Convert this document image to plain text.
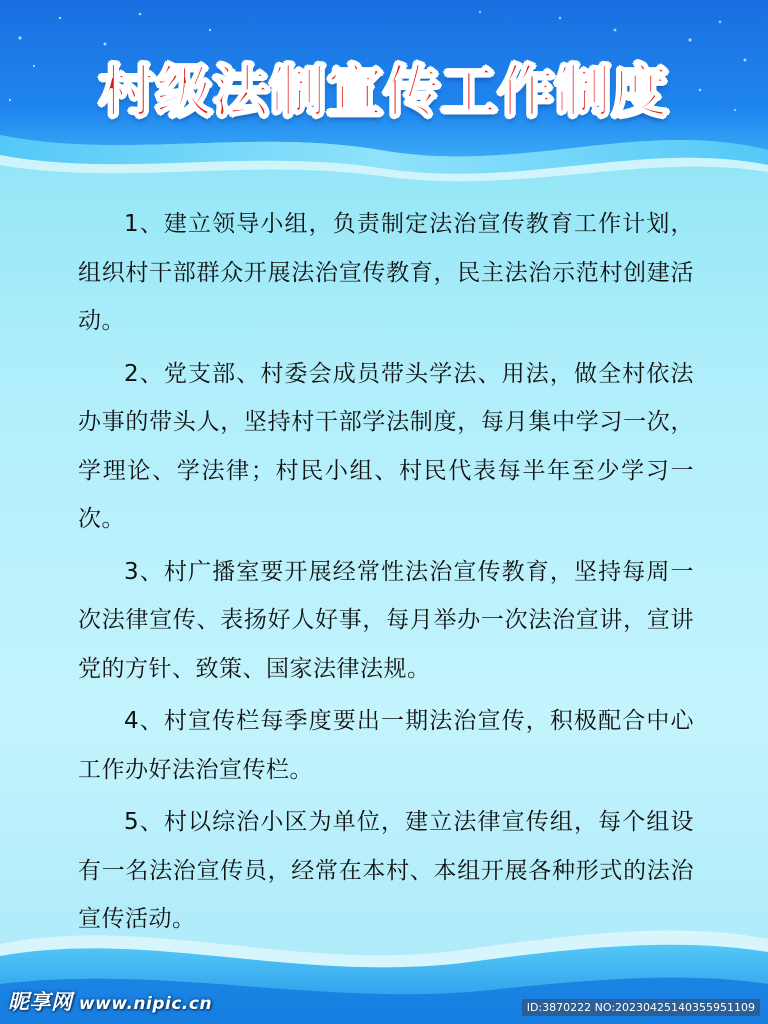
村级法制宣传工作制度

1、建立领导小组，负责制定法治宣传教育工作计划，组织村干部群众开展法治宣传教育，民主法治示范村创建活动。

2、党支部、村委会成员带头学法、用法，做全村依法办事的带头人，坚持村干部学法制度，每月集中学习一次，学理论、学法律；村民小组、村民代表每半年至少学习一次。

3、村广播室要开展经常性法治宣传教育，坚持每周一次法律宣传、表扬好人好事，每月举办一次法治宣讲，宣讲党的方针、致策、国家法律法规。

4、村宣传栏每季度要出一期法治宣传，积极配合中心工作办好法治宣传栏。

5、村以综治小区为单位，建立法律宣传组，每个组设有一名法治宣传员，经常在本村、本组开展各种形式的法治宣传活动。

昵享网 www.nipic.cn	ID:3870222 NO:20230425140355951109
